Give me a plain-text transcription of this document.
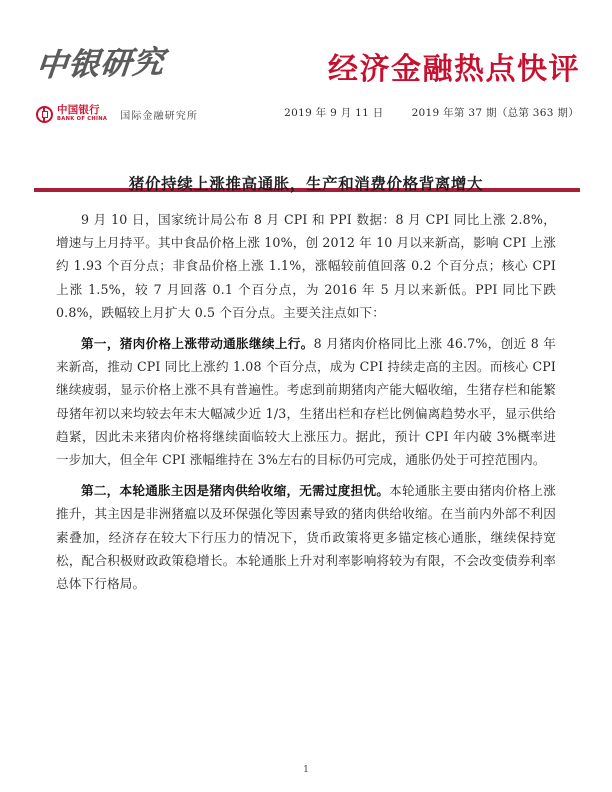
中银研究
中国银行
BANK OF CHINA 国际金融研究所
经济金融热点快评
2019 年 9 月 11 日	2019 年第 37 期（总第 363 期）
猪价持续上涨推高通胀，生产和消费价格背离增大

9 月 10 日，国家统计局公布 8 月 CPI 和 PPI 数据：8 月 CPI 同比上涨 2.8%，增速与上月持平。其中食品价格上涨 10%，创 2012 年 10 月以来新高，影响 CPI 上涨约 1.93 个百分点；非食品价格上涨 1.1%，涨幅较前值回落 0.2 个百分点；核心 CPI 上涨 1.5%，较 7 月回落 0.1 个百分点，为 2016 年 5 月以来新低。PPI 同比下跌 0.8%，跌幅较上月扩大 0.5 个百分点。主要关注点如下：

第一，猪肉价格上涨带动通胀继续上行。8 月猪肉价格同比上涨 46.7%，创近 8 年来新高，推动 CPI 同比上涨约 1.08 个百分点，成为 CPI 持续走高的主因。而核心 CPI 继续疲弱，显示价格上涨不具有普遍性。考虑到前期猪肉产能大幅收缩，生猪存栏和能繁母猪年初以来均较去年末大幅减少近 1/3，生猪出栏和存栏比例偏离趋势水平，显示供给趋紧，因此未来猪肉价格将继续面临较大上涨压力。据此，预计 CPI 年内破 3%概率进一步加大，但全年 CPI 涨幅维持在 3%左右的目标仍可完成，通胀仍处于可控范围内。

第二，本轮通胀主因是猪肉供给收缩，无需过度担忧。本轮通胀主要由猪肉价格上涨推升，其主因是非洲猪瘟以及环保强化等因素导致的猪肉供给收缩。在当前内外部不利因素叠加，经济存在较大下行压力的情况下，货币政策将更多锚定核心通胀，继续保持宽松，配合积极财政政策稳增长。本轮通胀上升对利率影响将较为有限，不会改变债券利率总体下行格局。

1
